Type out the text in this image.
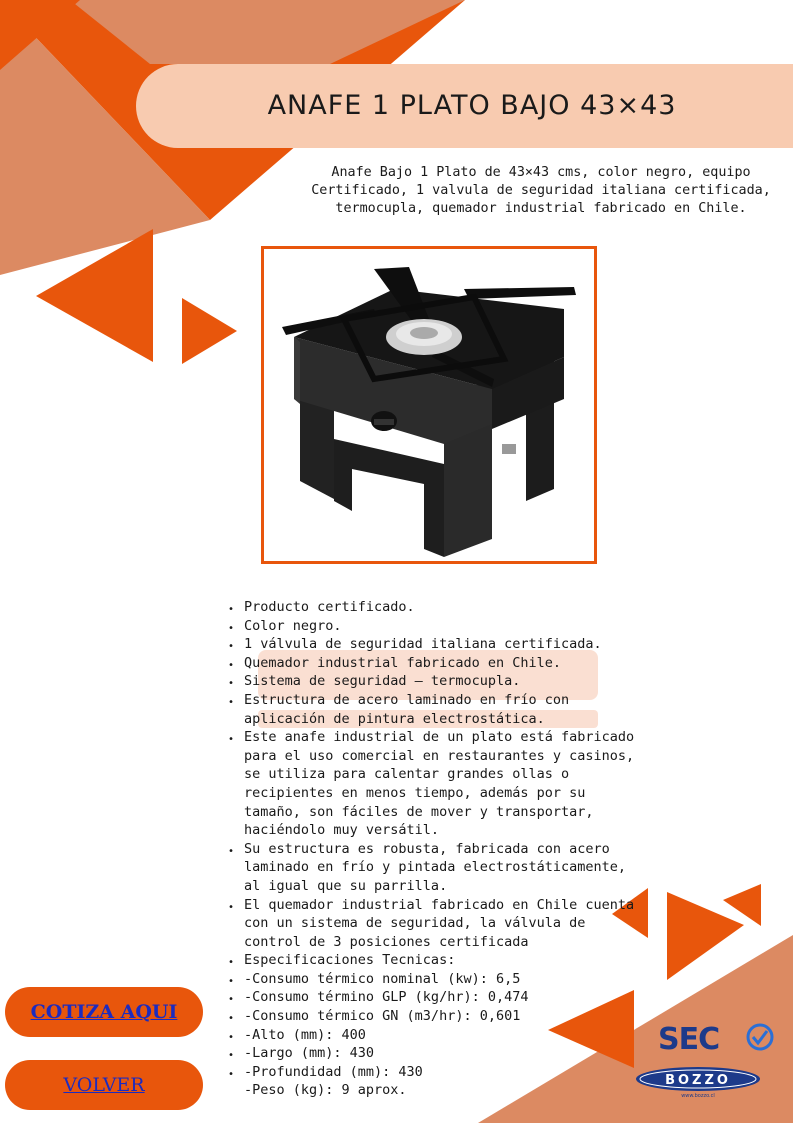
ANAFE 1 PLATO BAJO 43×43

Anafe Bajo 1 Plato de 43×43 cms, color negro, equipo Certificado, 1 valvula de seguridad italiana certificada, termocupla, quemador industrial fabricado en Chile.

• Producto certificado.
• Color negro.
• 1 válvula de seguridad italiana certificada.
• Quemador industrial fabricado en Chile.
• Sistema de seguridad – termocupla.
• Estructura de acero laminado en frío con aplicación de pintura electrostática.
• Este anafe industrial de un plato está fabricado para el uso comercial en restaurantes y casinos, se utiliza para calentar grandes ollas o recipientes en menos tiempo, además por su tamaño, son fáciles de mover y transportar, haciéndolo muy versátil.
• Su estructura es robusta, fabricada con acero laminado en frío y pintada electrostáticamente, al igual que su parrilla.
• El quemador industrial fabricado en Chile cuenta con un sistema de seguridad, la válvula de control de 3 posiciones certificada
• Especificaciones Tecnicas:
• -Consumo térmico nominal (kw): 6,5
• -Consumo término GLP (kg/hr): 0,474
• -Consumo térmico GN (m3/hr): 0,601
• -Alto (mm): 400
• -Largo (mm): 430
• -Profundidad (mm): 430
-Peso (kg): 9 aprox.
COTIZA AQUI
VOLVER
SEC
BOZZO
www.bozzo.cl
